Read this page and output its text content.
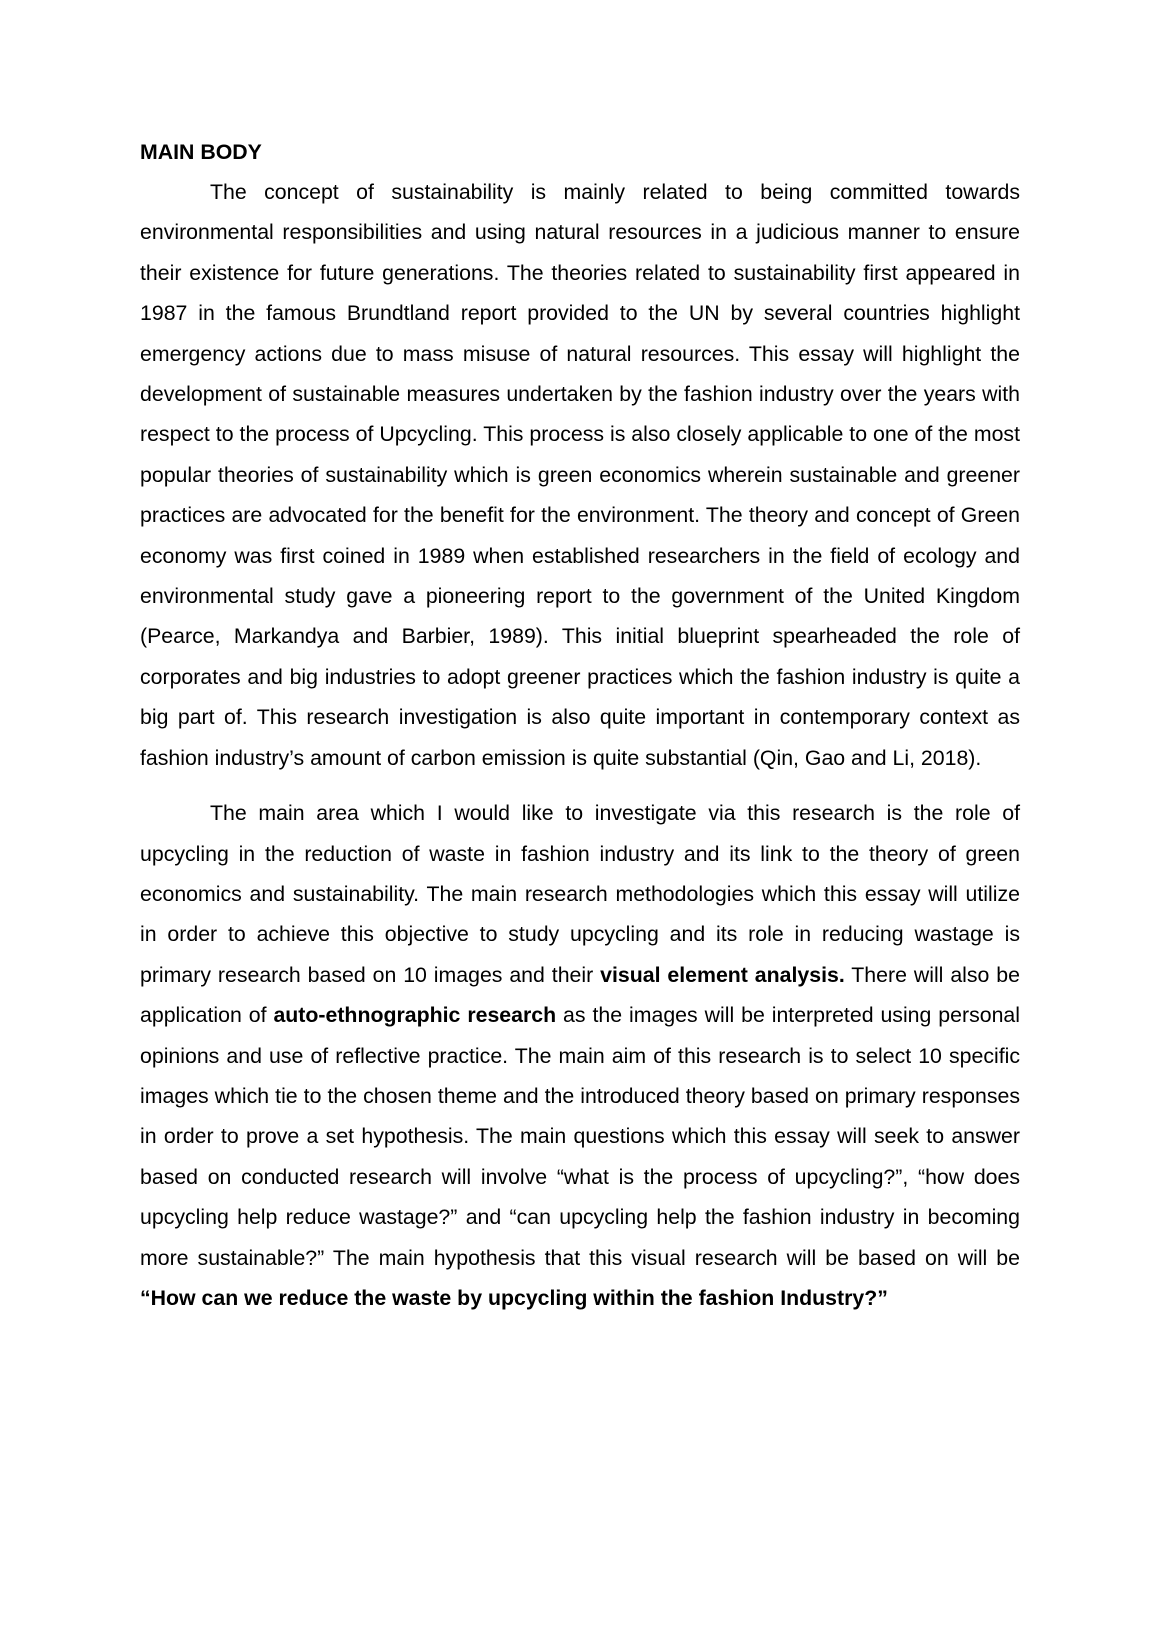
MAIN BODY

The concept of sustainability is mainly related to being committed towards environmental responsibilities and using natural resources in a judicious manner to ensure their existence for future generations. The theories related to sustainability first appeared in 1987 in the famous Brundtland report provided to the UN by several countries highlight emergency actions due to mass misuse of natural resources. This essay will highlight the development of sustainable measures undertaken by the fashion industry over the years with respect to the process of Upcycling. This process is also closely applicable to one of the most popular theories of sustainability which is green economics wherein sustainable and greener practices are advocated for the benefit for the environment. The theory and concept of Green economy was first coined in 1989 when established researchers in the field of ecology and environmental study gave a pioneering report to the government of the United Kingdom (Pearce, Markandya and Barbier, 1989). This initial blueprint spearheaded the role of corporates and big industries to adopt greener practices which the fashion industry is quite a big part of. This research investigation is also quite important in contemporary context as fashion industry’s amount of carbon emission is quite substantial (Qin, Gao and Li, 2018).

The main area which I would like to investigate via this research is the role of upcycling in the reduction of waste in fashion industry and its link to the theory of green economics and sustainability. The main research methodologies which this essay will utilize in order to achieve this objective to study upcycling and its role in reducing wastage is primary research based on 10 images and their visual element analysis. There will also be application of auto-ethnographic research as the images will be interpreted using personal opinions and use of reflective practice. The main aim of this research is to select 10 specific images which tie to the chosen theme and the introduced theory based on primary responses in order to prove a set hypothesis. The main questions which this essay will seek to answer based on conducted research will involve “what is the process of upcycling?”, “how does upcycling help reduce wastage?” and “can upcycling help the fashion industry in becoming more sustainable?” The main hypothesis that this visual research will be based on will be “How can we reduce the waste by upcycling within the fashion Industry?”
